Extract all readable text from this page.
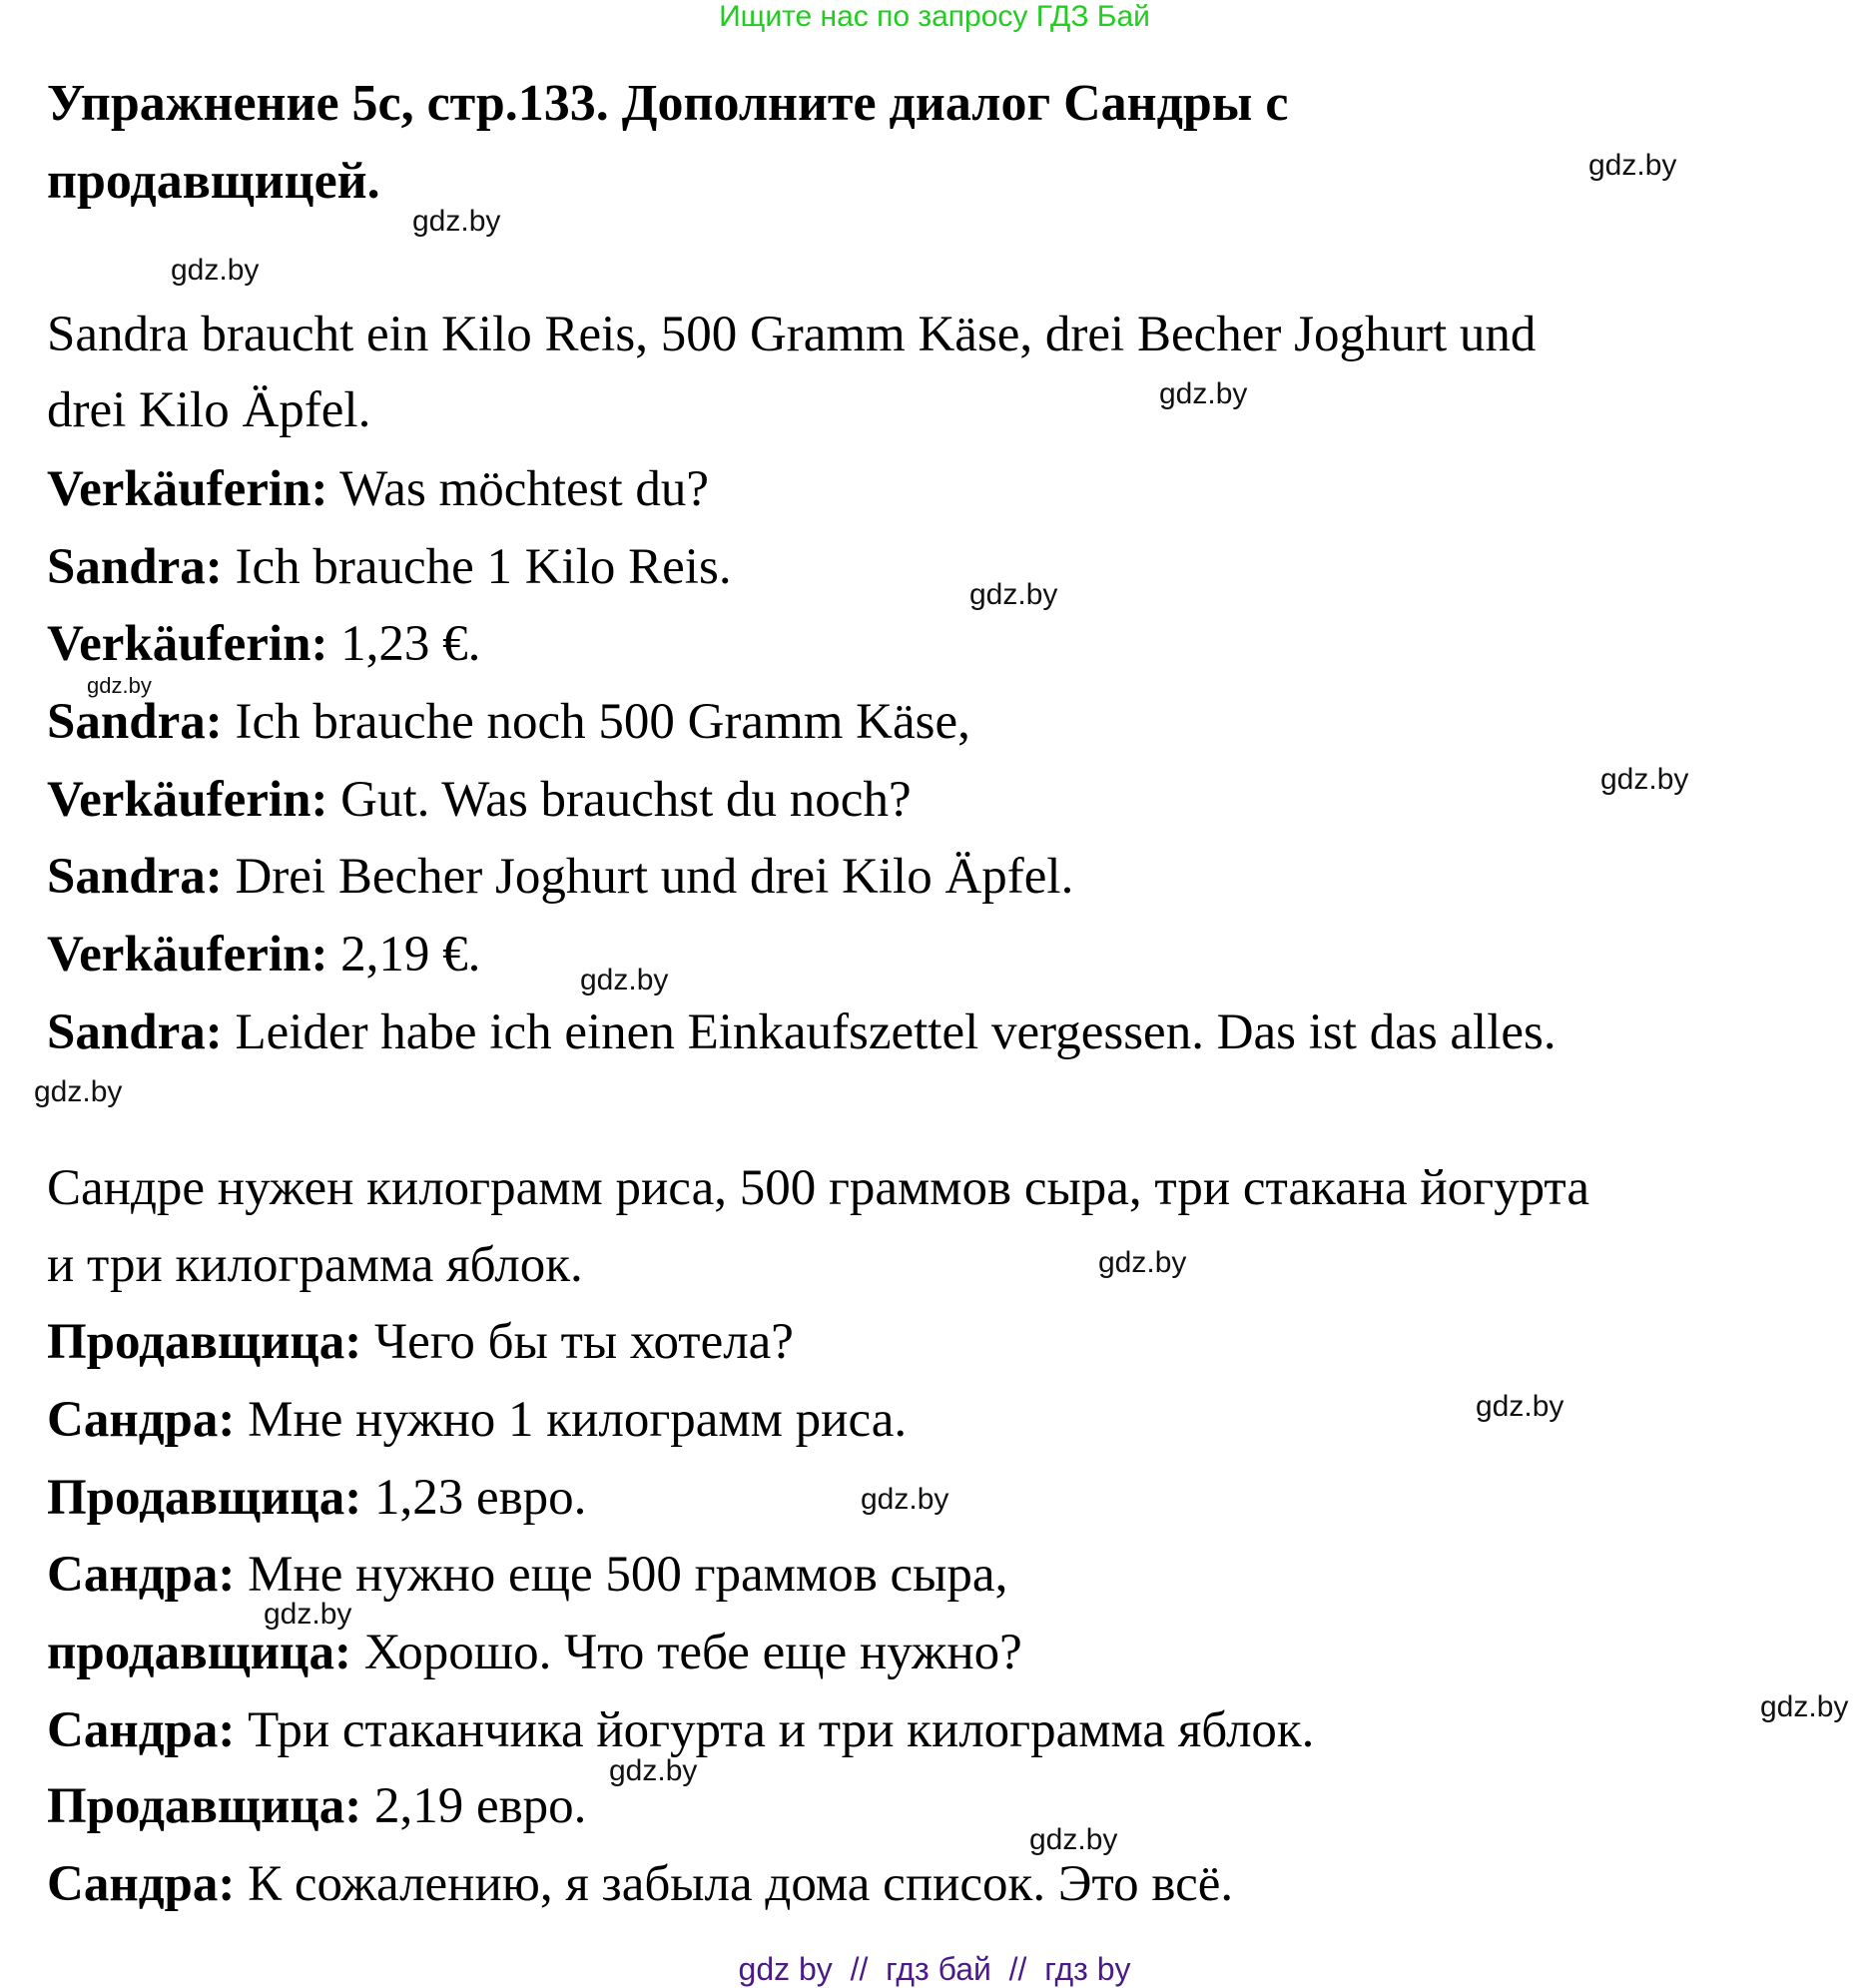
Ищите нас по запросу ГДЗ Бай
Упражнение 5c, стр.133. Дополните диалог Сандры с
продавщицей.
Sandra braucht ein Kilo Reis, 500 Gramm Käse, drei Becher Joghurt und
drei Kilo Äpfel.
Verkäuferin: Was möchtest du?
Sandra: Ich brauche 1 Kilo Reis.
Verkäuferin: 1,23 €.
Sandra: Ich brauche noch 500 Gramm Käse,
Verkäuferin: Gut. Was brauchst du noch?
Sandra: Drei Becher Joghurt und drei Kilo Äpfel.
Verkäuferin: 2,19 €.
Sandra: Leider habe ich einen Einkaufszettel vergessen. Das ist das alles.
Сандре нужен килограмм риса, 500 граммов сыра, три стакана йогурта
и три килограмма яблок.
Продавщица: Чего бы ты хотела?
Сандра: Мне нужно 1 килограмм риса.
Продавщица: 1,23 евро.
Сандра: Мне нужно еще 500 граммов сыра,
продавщица: Хорошо. Что тебе еще нужно?
Сандра: Три стаканчика йогурта и три килограмма яблок.
Продавщица: 2,19 евро.
Сандра: К сожалению, я забыла дома список. Это всё.
gdz.by
gdz.by
gdz.by
gdz.by
gdz.by
gdz.by
gdz.by
gdz.by
gdz.by
gdz.by
gdz.by
gdz.by
gdz.by
gdz.by
gdz.by
gdz.by
gdz by  //  гдз бай  //  гдз by
